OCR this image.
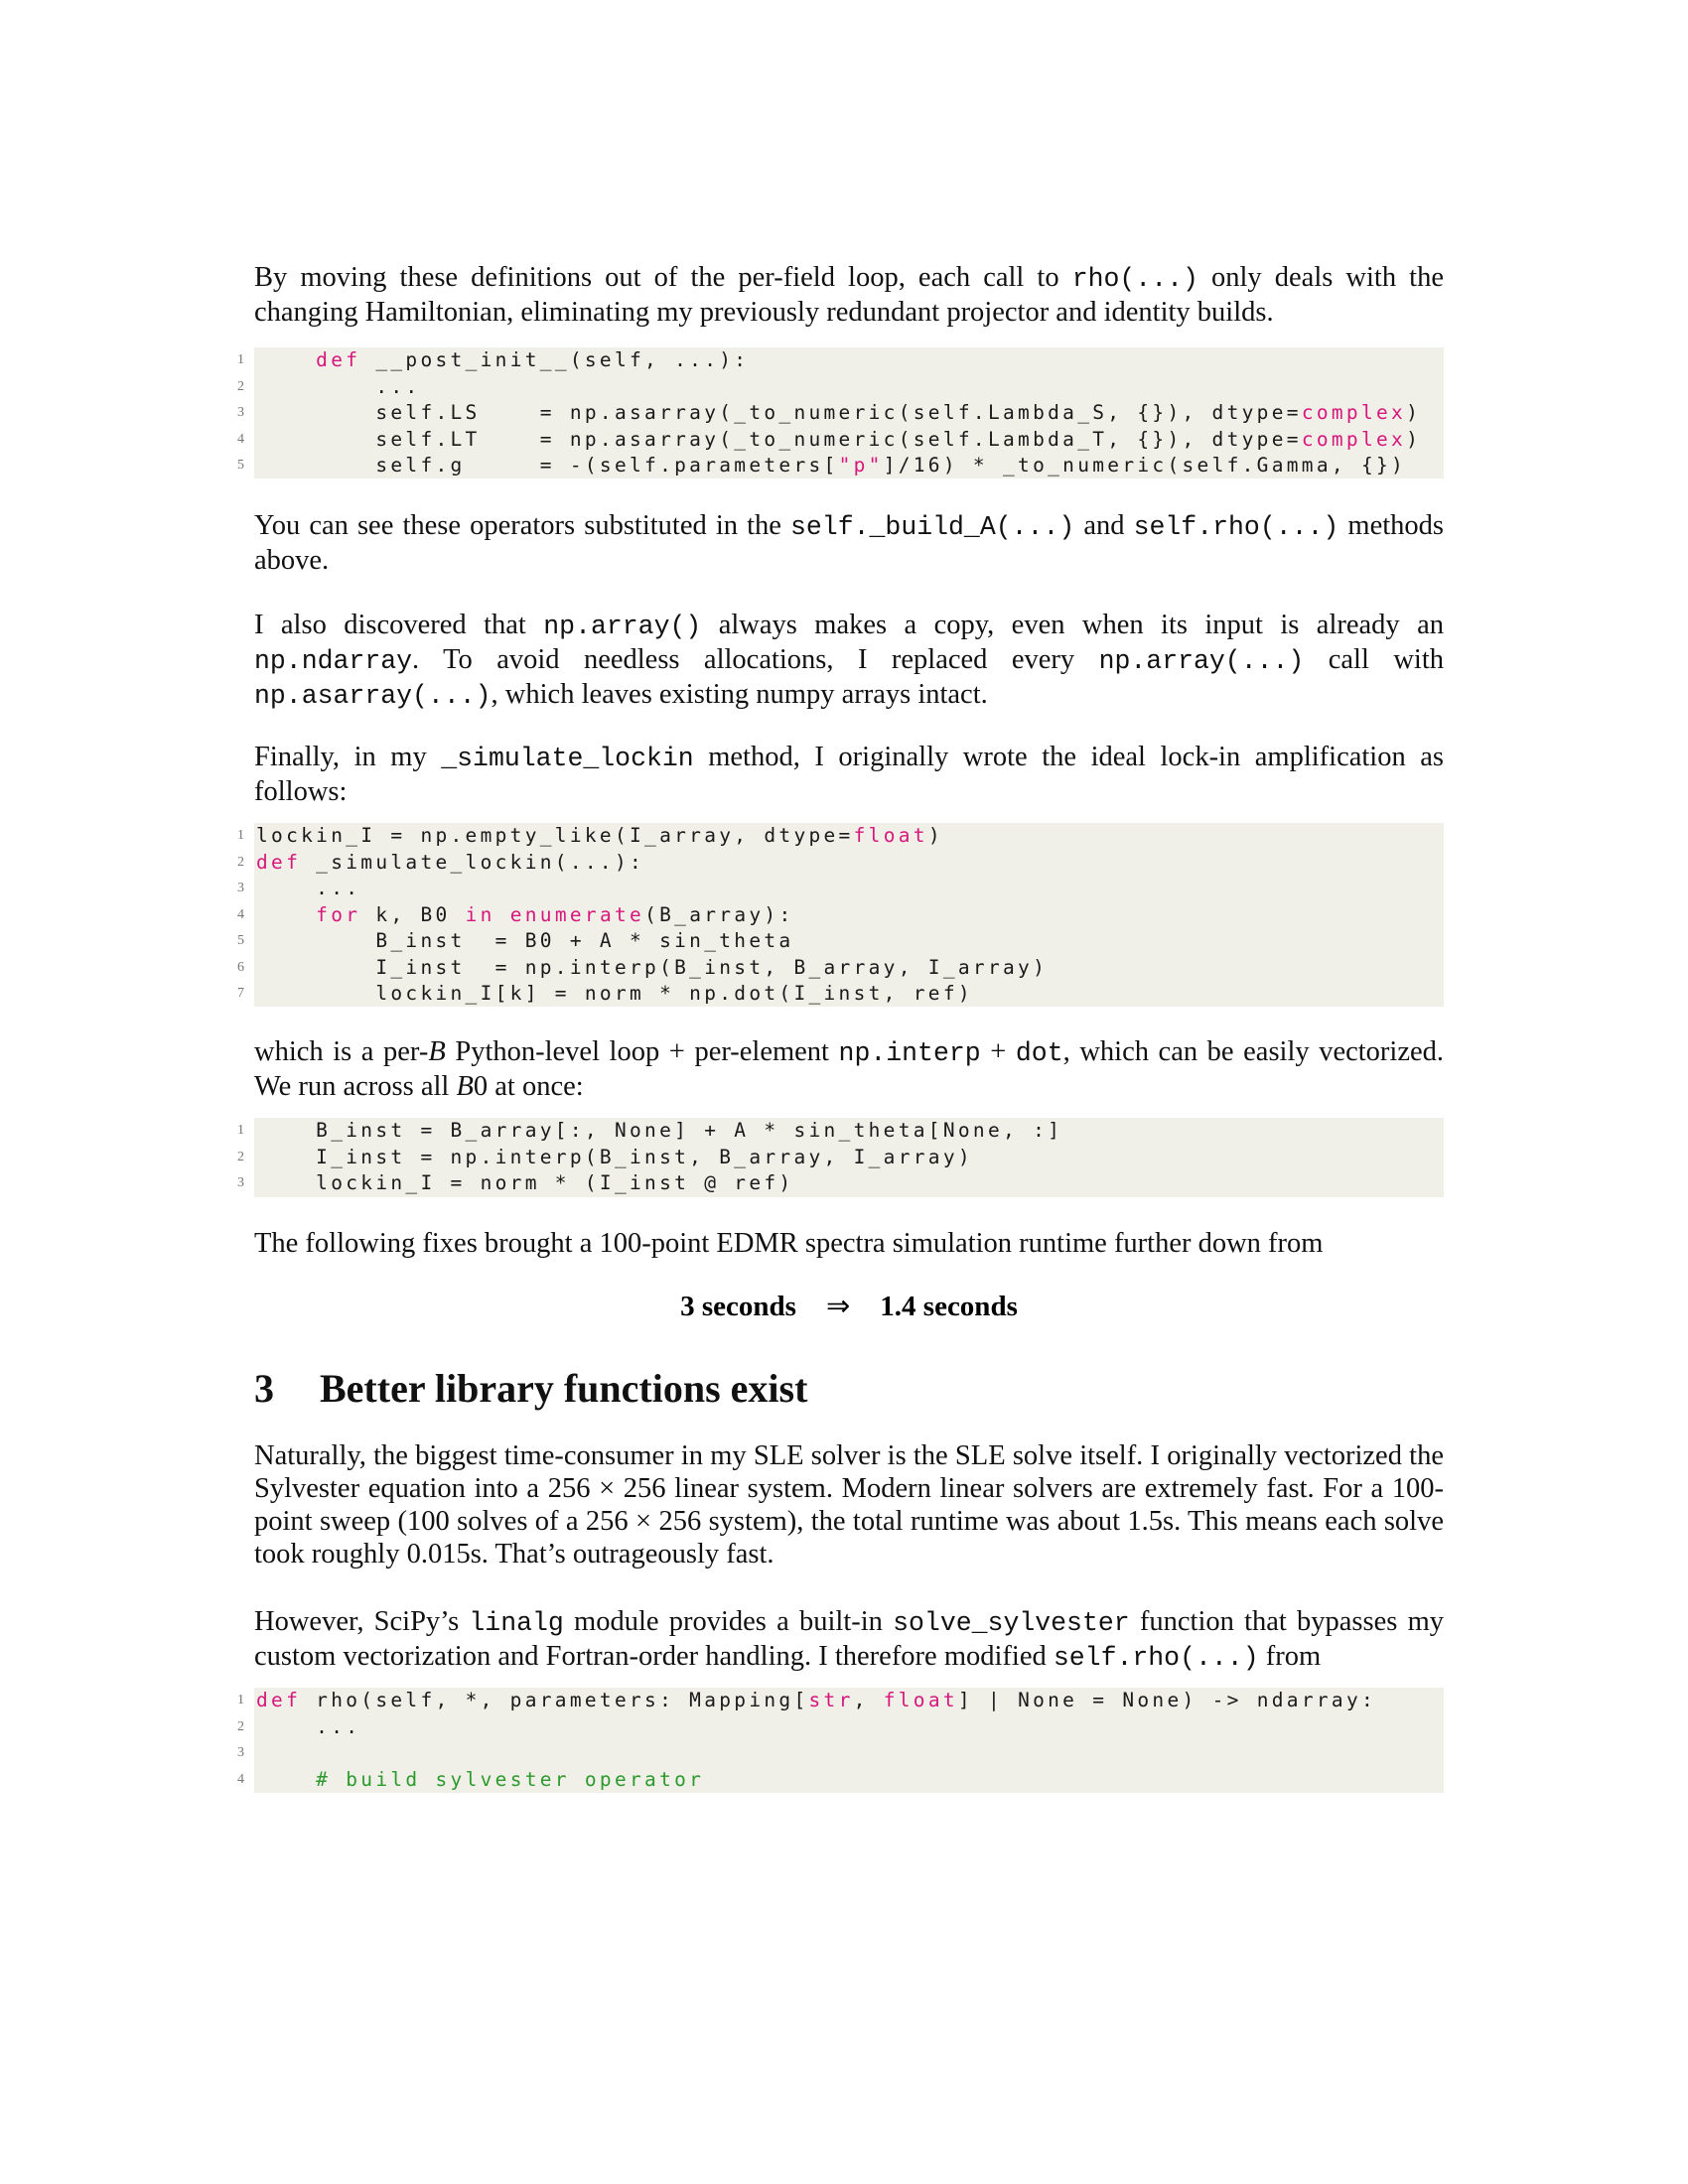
By moving these definitions out of the per-field loop, each call to rho(...) only deals with the changing Hamiltonian, eliminating my previously redundant projector and identity builds.

1	def __post_init__(self, ...):
2 ...
3 self.LS    = np.asarray(_to_numeric(self.Lambda_S, {}), dtype=complex)
4 self.LT    = np.asarray(_to_numeric(self.Lambda_T, {}), dtype=complex)
5 self.g     = -(self.parameters["p"]/16) * _to_numeric(self.Gamma, {})

You can see these operators substituted in the self._build_A(...) and self.rho(...) methods above.

I also discovered that np.array() always makes a copy, even when its input is already an np.ndarray. To avoid needless allocations, I replaced every np.array(...) call with np.asarray(...), which leaves existing numpy arrays intact.

Finally, in my _simulate_lockin method, I originally wrote the ideal lock-in amplification as follows:

1 lockin_I = np.empty_like(I_array, dtype=float)
2 def _simulate_lockin(...):
3 ...
4	for k, B0 in enumerate(B_array):
5 B_inst  = B0 + A * sin_theta
6 I_inst  = np.interp(B_inst, B_array, I_array)
7 lockin_I[k] = norm * np.dot(I_inst, ref)

which is a per-B Python-level loop + per-element np.interp + dot, which can be easily vectorized. We run across all B0 at once:

1 B_inst = B_array[:, None] + A * sin_theta[None, :]
2 I_inst = np.interp(B_inst, B_array, I_array)
3 lockin_I = norm * (I_inst @ ref)

The following fixes brought a 100-point EDMR spectra simulation runtime further down from

3 seconds ⇒ 1.4 seconds
3 Better library functions exist

Naturally, the biggest time-consumer in my SLE solver is the SLE solve itself. I originally vectorized the Sylvester equation into a 256 × 256 linear system. Modern linear solvers are extremely fast. For a 100-point sweep (100 solves of a 256 × 256 system), the total runtime was about 1.5s. This means each solve took roughly 0.015s. That’s outrageously fast.

However, SciPy’s linalg module provides a built-in solve_sylvester function that bypasses my custom vectorization and Fortran-order handling. I therefore modified self.rho(...) from

1 def rho(self, *, parameters: Mapping[str, float] | None = None) -> ndarray:
2 ...
3
4	# build sylvester operator
